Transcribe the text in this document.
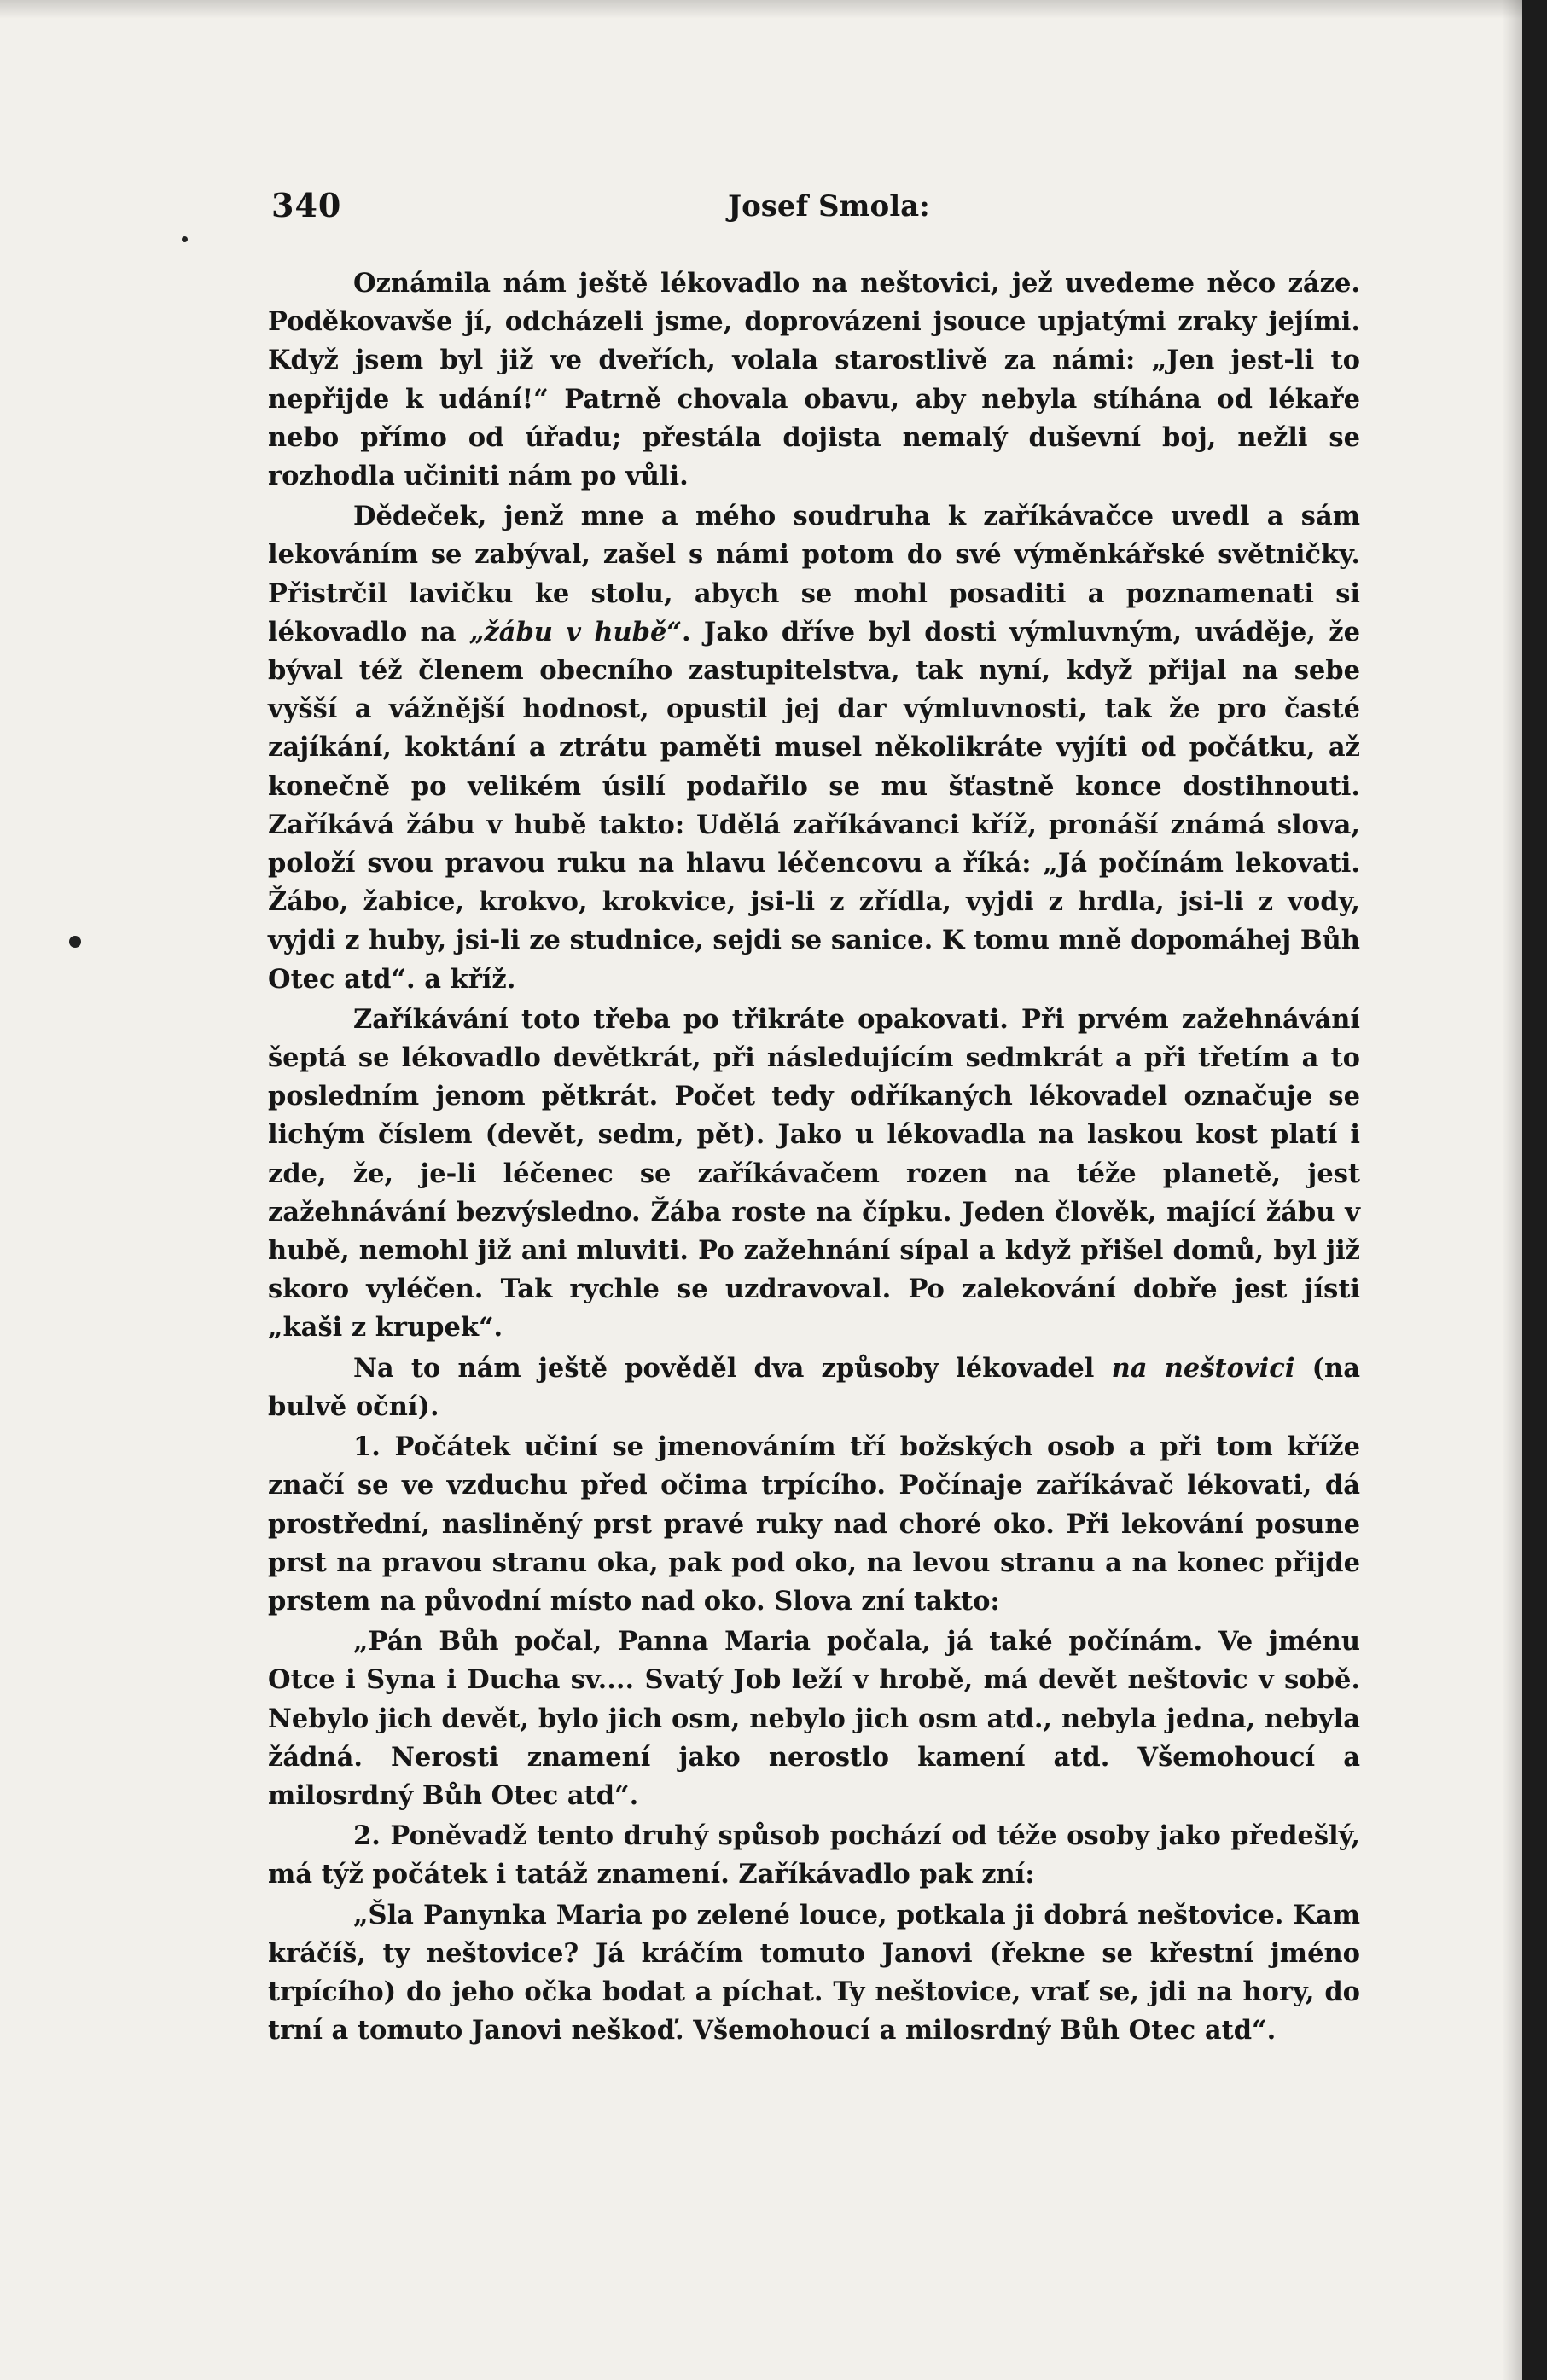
340	Josef Smola:

Oznámila nám ještě lékovadlo na neštovici, jež uvedeme něco záze. Poděkovavše jí, odcházeli jsme, doprovázeni jsouce upjatými zraky jejími. Když jsem byl již ve dveřích, volala starostlivě za námi: „Jen jest-li to nepřijde k udání!“ Patrně chovala obavu, aby nebyla stíhána od lékaře nebo přímo od úřadu; přestála dojista nemalý duševní boj, nežli se rozhodla učiniti nám po vůli.

Dědeček, jenž mne a mého soudruha k zaříkávačce uvedl a sám lekováním se zabýval, zašel s námi potom do své výměnkářské světničky. Přistrčil lavičku ke stolu, abych se mohl posaditi a poznamenati si lékovadlo na „žábu v hubě“. Jako dříve byl dosti výmluvným, uváděje, že býval též členem obecního zastupitelstva, tak nyní, když přijal na sebe vyšší a vážnější hodnost, opustil jej dar výmluvnosti, tak že pro časté zajíkání, koktání a ztrátu paměti musel několikráte vyjíti od počátku, až konečně po velikém úsilí podařilo se mu šťastně konce dostihnouti. Zaříkává žábu v hubě takto: Udělá zaříkávanci kříž, pronáší známá slova, položí svou pravou ruku na hlavu léčencovu a říká: „Já počínám lekovati. Žábo, žabice, krokvo, krokvice, jsi-li z zřídla, vyjdi z hrdla, jsi-li z vody, vyjdi z huby, jsi-li ze studnice, sejdi se sanice. K tomu mně dopomáhej Bůh Otec atd“. a kříž.

Zaříkávání toto třeba po třikráte opakovati. Při prvém zažehnávání šeptá se lékovadlo devětkrát, při následujícím sedmkrát a při třetím a to posledním jenom pětkrát. Počet tedy odříkaných lékovadel označuje se lichým číslem (devět, sedm, pět). Jako u lékovadla na laskou kost platí i zde, že, je-li léčenec se zaříkávačem rozen na téže planetě, jest zažehnávání bezvýsledno. Žába roste na čípku. Jeden člověk, mající žábu v hubě, nemohl již ani mluviti. Po zažehnání sípal a když přišel domů, byl již skoro vyléčen. Tak rychle se uzdravoval. Po zalekování dobře jest jísti „kaši z krupek“.

Na to nám ještě pověděl dva způsoby lékovadel na neštovici (na bulvě oční).

1. Počátek učiní se jmenováním tří božských osob a při tom kříže značí se ve vzduchu před očima trpícího. Počínaje zaříkávač lékovati, dá prostřední, nasliněný prst pravé ruky nad choré oko. Při lekování posune prst na pravou stranu oka, pak pod oko, na levou stranu a na konec přijde prstem na původní místo nad oko. Slova zní takto:

„Pán Bůh počal, Panna Maria počala, já také počínám. Ve jménu Otce i Syna i Ducha sv.... Svatý Job leží v hrobě, má devět neštovic v sobě. Nebylo jich devět, bylo jich osm, nebylo jich osm atd., nebyla jedna, nebyla žádná. Nerosti znamení jako nerostlo kamení atd. Všemohoucí a milosrdný Bůh Otec atd“.

2. Poněvadž tento druhý spůsob pochází od téže osoby jako předešlý, má týž počátek i tatáž znamení. Zaříkávadlo pak zní:

„Šla Panynka Maria po zelené louce, potkala ji dobrá neštovice. Kam kráčíš, ty neštovice? Já kráčím tomuto Janovi (řekne se křestní jméno trpícího) do jeho očka bodat a píchat. Ty neštovice, vrať se, jdi na hory, do trní a tomuto Janovi neškoď. Všemohoucí a milosrdný Bůh Otec atd“.
